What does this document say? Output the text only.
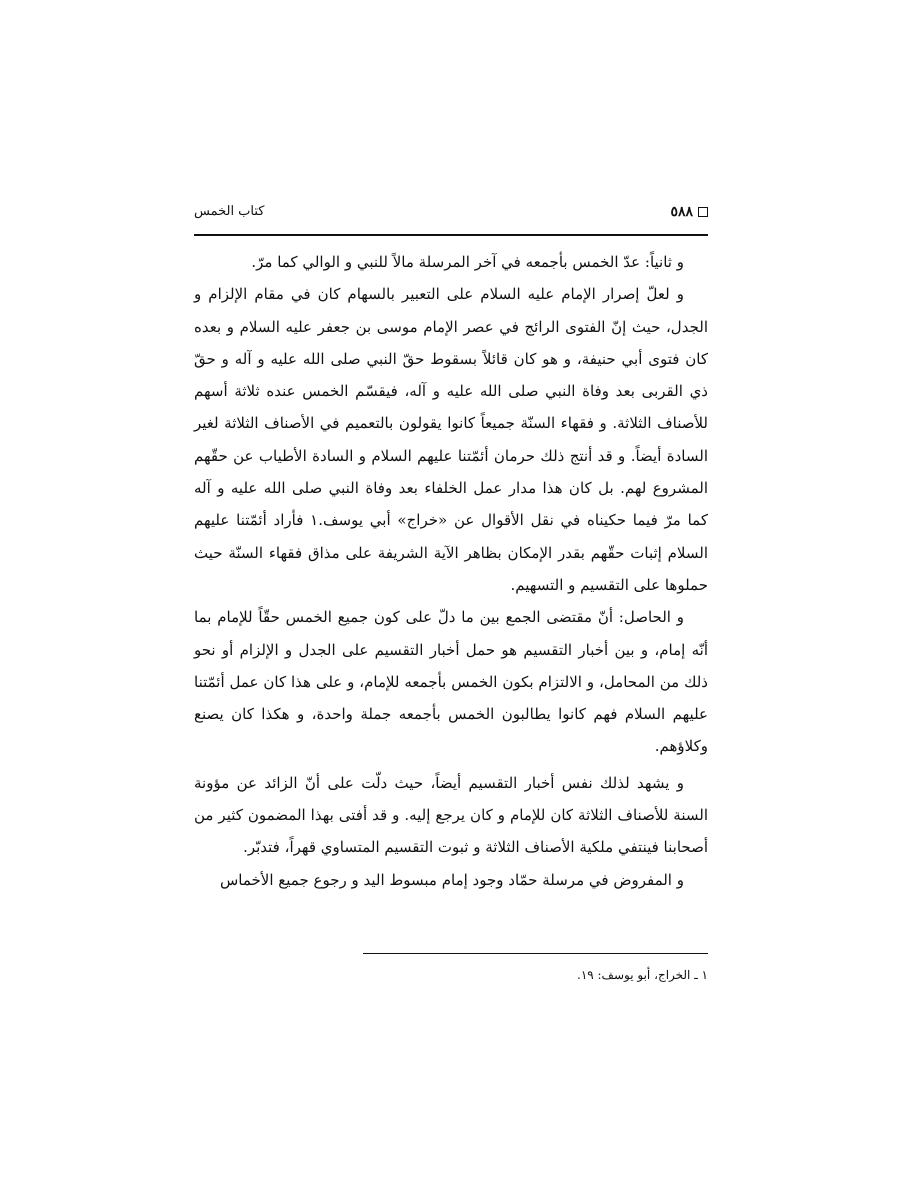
٥٨٨
كتاب الخمس

و ثانياً: عدّ الخمس بأجمعه في آخر المرسلة مالاً للنبي و الوالي كما مرّ.

و لعلّ إصرار الإمام عليه السلام على التعبير بالسهام كان في مقام الإلزام و الجدل، حيث إنّ الفتوى الرائج في عصر الإمام موسى بن جعفر عليه السلام و بعده كان فتوى أبي حنيفة، و هو كان قائلاً بسقوط حقّ النبي صلى الله عليه و آله و حقّ ذي القربى بعد وفاة النبي صلى الله عليه و آله، فيقسّم الخمس عنده ثلاثة أسهم للأصناف الثلاثة. و فقهاء السنّة جميعاً كانوا يقولون بالتعميم في الأصناف الثلاثة لغير السادة أيضاً. و قد أنتج ذلك حرمان أئمّتنا عليهم السلام و السادة الأطياب عن حقّهم المشروع لهم. بل كان هذا مدار عمل الخلفاء بعد وفاة النبي صلى الله عليه و آله كما مرّ فيما حكيناه في نقل الأقوال عن «خراج» أبي يوسف.١ فأراد أئمّتنا عليهم السلام إثبات حقّهم بقدر الإمكان بظاهر الآية الشريفة على مذاق فقهاء السنّة حيث حملوها على التقسيم و التسهيم.

و الحاصل: أنّ مقتضى الجمع بين ما دلّ على كون جميع الخمس حقّاً للإمام بما أنّه إمام، و بين أخبار التقسيم هو حمل أخبار التقسيم على الجدل و الإلزام أو نحو ذلك من المحامل، و الالتزام بكون الخمس بأجمعه للإمام، و على هذا كان عمل أئمّتنا عليهم السلام فهم كانوا يطالبون الخمس بأجمعه جملة واحدة، و هكذا كان يصنع وكلاؤهم.

و يشهد لذلك نفس أخبار التقسيم أيضاً، حيث دلّت على أنّ الزائد عن مؤونة السنة للأصناف الثلاثة كان للإمام و كان يرجع إليه. و قد أفتى بهذا المضمون كثير من أصحابنا فينتفي ملكية الأصناف الثلاثة و ثبوت التقسيم المتساوي قهراً، فتدبّر.

و المفروض في مرسلة حمّاد وجود إمام مبسوط اليد و رجوع جميع الأخماس

١ ـ الخراج، أبو يوسف: ١٩.
